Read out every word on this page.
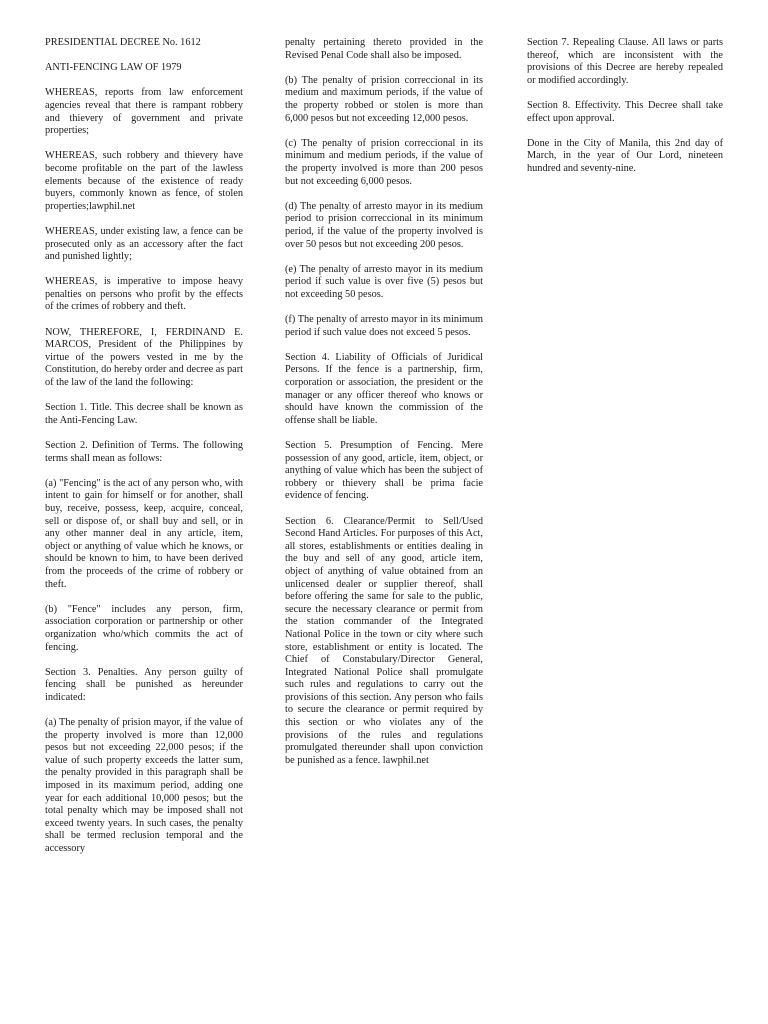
PRESIDENTIAL DECREE No. 1612

ANTI-FENCING LAW OF 1979

WHEREAS, reports from law enforcement agencies reveal that there is rampant robbery and thievery of government and private properties;

WHEREAS, such robbery and thievery have become profitable on the part of the lawless elements because of the existence of ready buyers, commonly known as fence, of stolen properties;lawphil.net

WHEREAS, under existing law, a fence can be prosecuted only as an accessory after the fact and punished lightly;

WHEREAS, is imperative to impose heavy penalties on persons who profit by the effects of the crimes of robbery and theft.

NOW, THEREFORE, I, FERDINAND E. MARCOS, President of the Philippines by virtue of the powers vested in me by the Constitution, do hereby order and decree as part of the law of the land the following:

Section 1. Title. This decree shall be known as the Anti-Fencing Law.

Section 2. Definition of Terms. The following terms shall mean as follows:

(a) "Fencing" is the act of any person who, with intent to gain for himself or for another, shall buy, receive, possess, keep, acquire, conceal, sell or dispose of, or shall buy and sell, or in any other manner deal in any article, item, object or anything of value which he knows, or should be known to him, to have been derived from the proceeds of the crime of robbery or theft.

(b) "Fence" includes any person, firm, association corporation or partnership or other organization who/which commits the act of fencing.

Section 3. Penalties. Any person guilty of fencing shall be punished as hereunder indicated:

(a) The penalty of prision mayor, if the value of the property involved is more than 12,000 pesos but not exceeding 22,000 pesos; if the value of such property exceeds the latter sum, the penalty provided in this paragraph shall be imposed in its maximum period, adding one year for each additional 10,000 pesos; but the total penalty which may be imposed shall not exceed twenty years. In such cases, the penalty shall be termed reclusion temporal and the accessory

penalty pertaining thereto provided in the Revised Penal Code shall also be imposed.

(b) The penalty of prision correccional in its medium and maximum periods, if the value of the property robbed or stolen is more than 6,000 pesos but not exceeding 12,000 pesos.

(c) The penalty of prision correccional in its minimum and medium periods, if the value of the property involved is more than 200 pesos but not exceeding 6,000 pesos.

(d) The penalty of arresto mayor in its medium period to prision correccional in its minimum period, if the value of the property involved is over 50 pesos but not exceeding 200 pesos.

(e) The penalty of arresto mayor in its medium period if such value is over five (5) pesos but not exceeding 50 pesos.

(f) The penalty of arresto mayor in its minimum period if such value does not exceed 5 pesos.

Section 4. Liability of Officials of Juridical Persons. If the fence is a partnership, firm, corporation or association, the president or the manager or any officer thereof who knows or should have known the commission of the offense shall be liable.

Section 5. Presumption of Fencing. Mere possession of any good, article, item, object, or anything of value which has been the subject of robbery or thievery shall be prima facie evidence of fencing.

Section 6. Clearance/Permit to Sell/Used Second Hand Articles. For purposes of this Act, all stores, establishments or entities dealing in the buy and sell of any good, article item, object of anything of value obtained from an unlicensed dealer or supplier thereof, shall before offering the same for sale to the public, secure the necessary clearance or permit from the station commander of the Integrated National Police in the town or city where such store, establishment or entity is located. The Chief of Constabulary/Director General, Integrated National Police shall promulgate such rules and regulations to carry out the provisions of this section. Any person who fails to secure the clearance or permit required by this section or who violates any of the provisions of the rules and regulations promulgated thereunder shall upon conviction be punished as a fence. lawphil.net

Section 7. Repealing Clause. All laws or parts thereof, which are inconsistent with the provisions of this Decree are hereby repealed or modified accordingly.

Section 8. Effectivity. This Decree shall take effect upon approval.

Done in the City of Manila, this 2nd day of March, in the year of Our Lord, nineteen hundred and seventy-nine.
